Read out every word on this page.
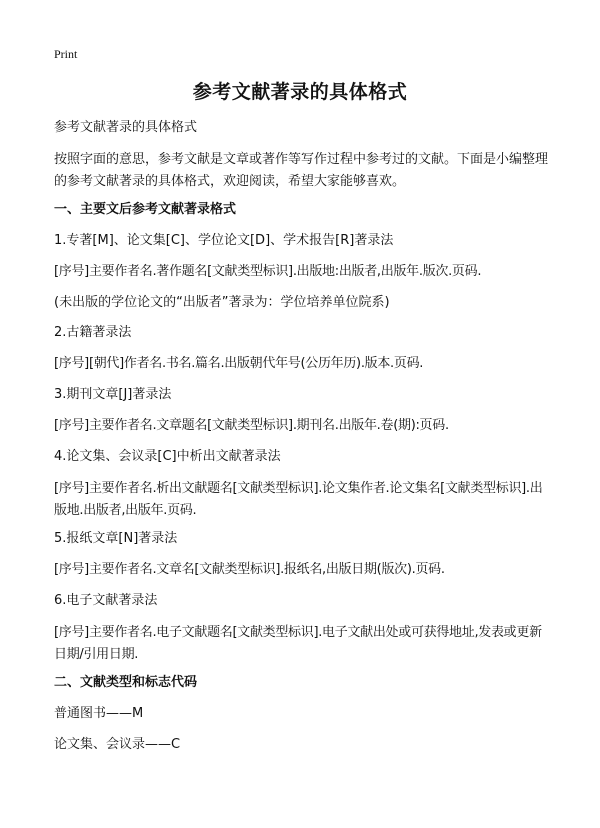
Print
参考文献著录的具体格式
参考文献著录的具体格式
按照字面的意思，参考文献是文章或著作等写作过程中参考过的文献。下面是小编整理的参考文献著录的具体格式，欢迎阅读，希望大家能够喜欢。
一、主要文后参考文献著录格式
1.专著[M]、论文集[C]、学位论文[D]、学术报告[R]著录法
[序号]主要作者名.著作题名[文献类型标识].出版地:出版者,出版年.版次.页码.
(未出版的学位论文的“出版者”著录为：学位培养单位院系)
2.古籍著录法
[序号][朝代]作者名.书名.篇名.出版朝代年号(公历年历).版本.页码.
3.期刊文章[J]著录法
[序号]主要作者名.文章题名[文献类型标识].期刊名.出版年.卷(期):页码.
4.论文集、会议录[C]中析出文献著录法
[序号]主要作者名.析出文献题名[文献类型标识].论文集作者.论文集名[文献类型标识].出版地.出版者,出版年.页码.
5.报纸文章[N]著录法
[序号]主要作者名.文章名[文献类型标识].报纸名,出版日期(版次).页码.
6.电子文献著录法
[序号]主要作者名.电子文献题名[文献类型标识].电子文献出处或可获得地址,发表或更新日期/引用日期.
二、文献类型和标志代码
普通图书——M
论文集、会议录——C
